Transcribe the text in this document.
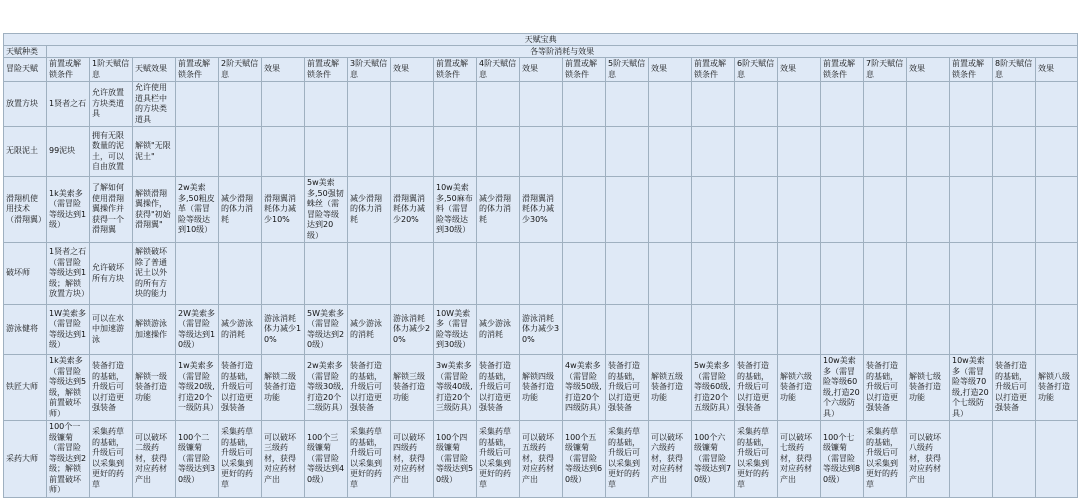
天赋宝典																								
天赋种类	各等阶消耗与效果																							
冒险天赋	前置或解锁条件	1阶天赋信息	天赋效果	前置或解锁条件	2阶天赋信息	效果	前置或解锁条件	3阶天赋信息	效果	前置或解锁条件	4阶天赋信息	效果	前置或解锁条件	5阶天赋信息	效果	前置或解锁条件	6阶天赋信息	效果	前置或解锁条件	7阶天赋信息	效果	前置或解锁条件	8阶天赋信息	效果
放置方块	1贤者之石	允许放置方块类道具	允许使用道具栏中的方块类道具																					
无限泥土	99泥块	拥有无限数量的泥土，可以自由放置	解锁"无限泥土"																					
滑翔机使用技术（滑翔翼）	1k美索多（需冒险等级达到1级）	了解如何使用滑翔翼操作并获得一个滑翔翼	解锁滑翔翼操作，获得"初始滑翔翼"	2w美索多,50粗皮革（需冒险等级达到10级）	减少滑翔的体力消耗	滑翔翼消耗体力减少10%	5w美索多,50强韧蛛丝（需冒险等级达到20级）	减少滑翔的体力消耗	滑翔翼消耗体力减少20%	10w美索多,50麻布料（需冒险等级达到30级）	减少滑翔的体力消耗	滑翔翼消耗体力减少30%												
破坏师	1贤者之石（需冒险等级达到1级；解锁放置方块）	允许破坏所有方块	解锁破坏除了普通泥土以外的所有方块的能力																					
游泳健将	1W美索多（需冒险等级达到1级）	可以在水中加速游泳	解锁游泳加速操作	2W美索多（需冒险等级达到10级）	减少游泳的消耗	游泳消耗体力减少10%	5W美索多（需冒险等级达到20级）	减少游泳的消耗	游泳消耗体力减少20%	10W美索多（需冒险等级达到30级）	减少游泳的消耗	游泳消耗体力减少30%												
铁匠大师	1k美索多（需冒险等级达到5级，解锁前置破坏师）	装备打造的基础，升级后可以打造更强装备	解锁一级装备打造功能	1w美索多（需冒险等级20级,打造20个一级防具）	装备打造的基础，升级后可以打造更强装备	解锁二级装备打造功能	2w美索多（需冒险等级30级,打造20个二级防具）	装备打造的基础，升级后可以打造更强装备	解锁三级装备打造功能	3w美索多（需冒险等级40级,打造20个三级防具）	装备打造的基础，升级后可以打造更强装备	解锁四级装备打造功能	4w美索多（需冒险等级50级,打造20个四级防具）	装备打造的基础，升级后可以打造更强装备	解锁五级装备打造功能	5w美索多（需冒险等级60级,打造20个五级防具）	装备打造的基础，升级后可以打造更强装备	解锁六级装备打造功能	10w美索多（需冒险等级60级,打造20个六级防具）	装备打造的基础，升级后可以打造更强装备	解锁七级装备打造功能	10w美索多（需冒险等级70级,打造20个七级防具）	装备打造的基础，升级后可以打造更强装备	解锁八级装备打造功能
采药大师	100个一级镰菊（需冒险等级达到2级；解锁前置破坏师）	采集药草的基础，升级后可以采集到更好的药草	可以破坏二级药材，获得对应药材产出	100个二级镰菊（需冒险等级达到30级）	采集药草的基础，升级后可以采集到更好的药草	可以破坏三级药材，获得对应药材产出	100个三级镰菊（需冒险等级达到40级）	采集药草的基础，升级后可以采集到更好的药草	可以破坏四级药材，获得对应药材产出	100个四级镰菊（需冒险等级达到50级）	采集药草的基础，升级后可以采集到更好的药草	可以破坏五级药材，获得对应药材产出	100个五级镰菊（需冒险等级达到60级）	采集药草的基础，升级后可以采集到更好的药草	可以破坏六级药材，获得对应药材产出	100个六级镰菊（需冒险等级达到70级）	采集药草的基础，升级后可以采集到更好的药草	可以破坏七级药材，获得对应药材产出	100个七级镰菊（需冒险等级达到80级）	采集药草的基础，升级后可以采集到更好的药草	可以破坏八级药材，获得对应药材产出			
